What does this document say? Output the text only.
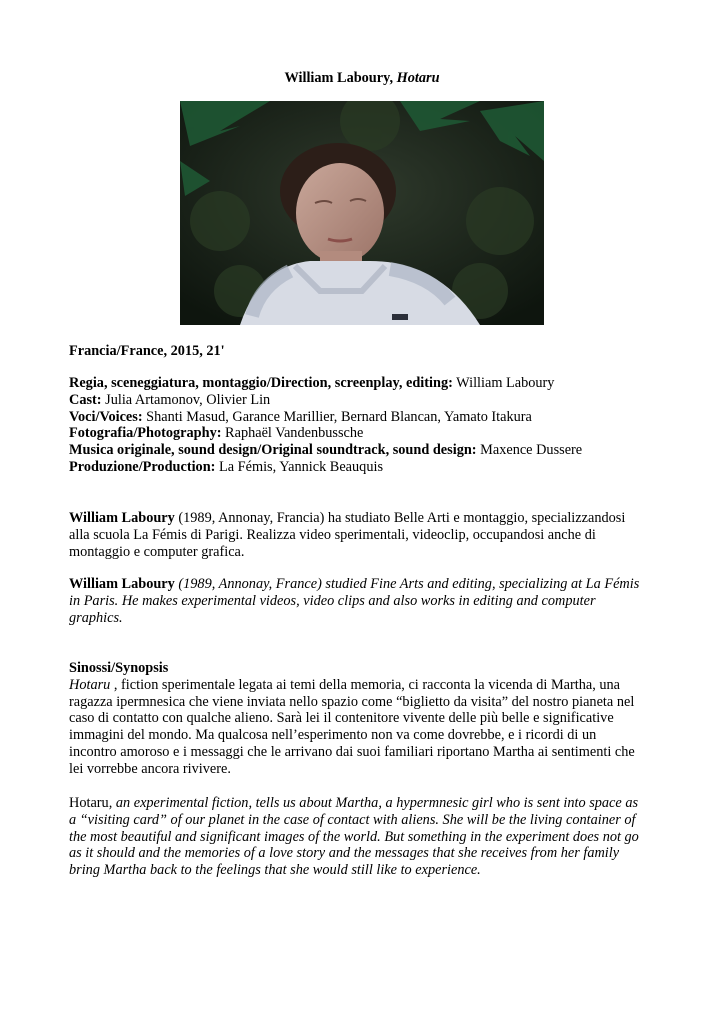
William Laboury, Hotaru
Francia/France, 2015, 21'
Regia, sceneggiatura, montaggio/Direction, screenplay, editing: William Laboury
Cast: Julia Artamonov, Olivier Lin
Voci/Voices: Shanti Masud, Garance Marillier, Bernard Blancan, Yamato Itakura
Fotografia/Photography: Raphaël Vandenbussche
Musica originale, sound design/Original soundtrack, sound design: Maxence Dussere
Produzione/Production: La Fémis, Yannick Beauquis
William Laboury (1989, Annonay, Francia) ha studiato Belle Arti e montaggio, specializzandosi
alla scuola La Fémis di Parigi. Realizza video sperimentali, videoclip, occupandosi anche di
montaggio e computer grafica.
William Laboury (1989, Annonay, France) studied Fine Arts and editing, specializing at La Fémis
in Paris. He makes experimental videos, video clips and also works in editing and computer
graphics.
Sinossi/Synopsis
Hotaru , fiction sperimentale legata ai temi della memoria, ci racconta la vicenda di Martha, una
ragazza ipermnesica che viene inviata nello spazio come “biglietto da visita” del nostro pianeta nel
caso di contatto con qualche alieno. Sarà lei il contenitore vivente delle più belle e significative
immagini del mondo. Ma qualcosa nell’esperimento non va come dovrebbe, e i ricordi di un
incontro amoroso e i messaggi che le arrivano dai suoi familiari riportano Martha ai sentimenti che
lei vorrebbe ancora rivivere.
Hotaru, an experimental fiction, tells us about Martha, a hypermnesic girl who is sent into space as
a “visiting card” of our planet in the case of contact with aliens. She will be the living container of
the most beautiful and significant images of the world. But something in the experiment does not go
as it should and the memories of a love story and the messages that she receives from her family
bring Martha back to the feelings that she would still like to experience.
